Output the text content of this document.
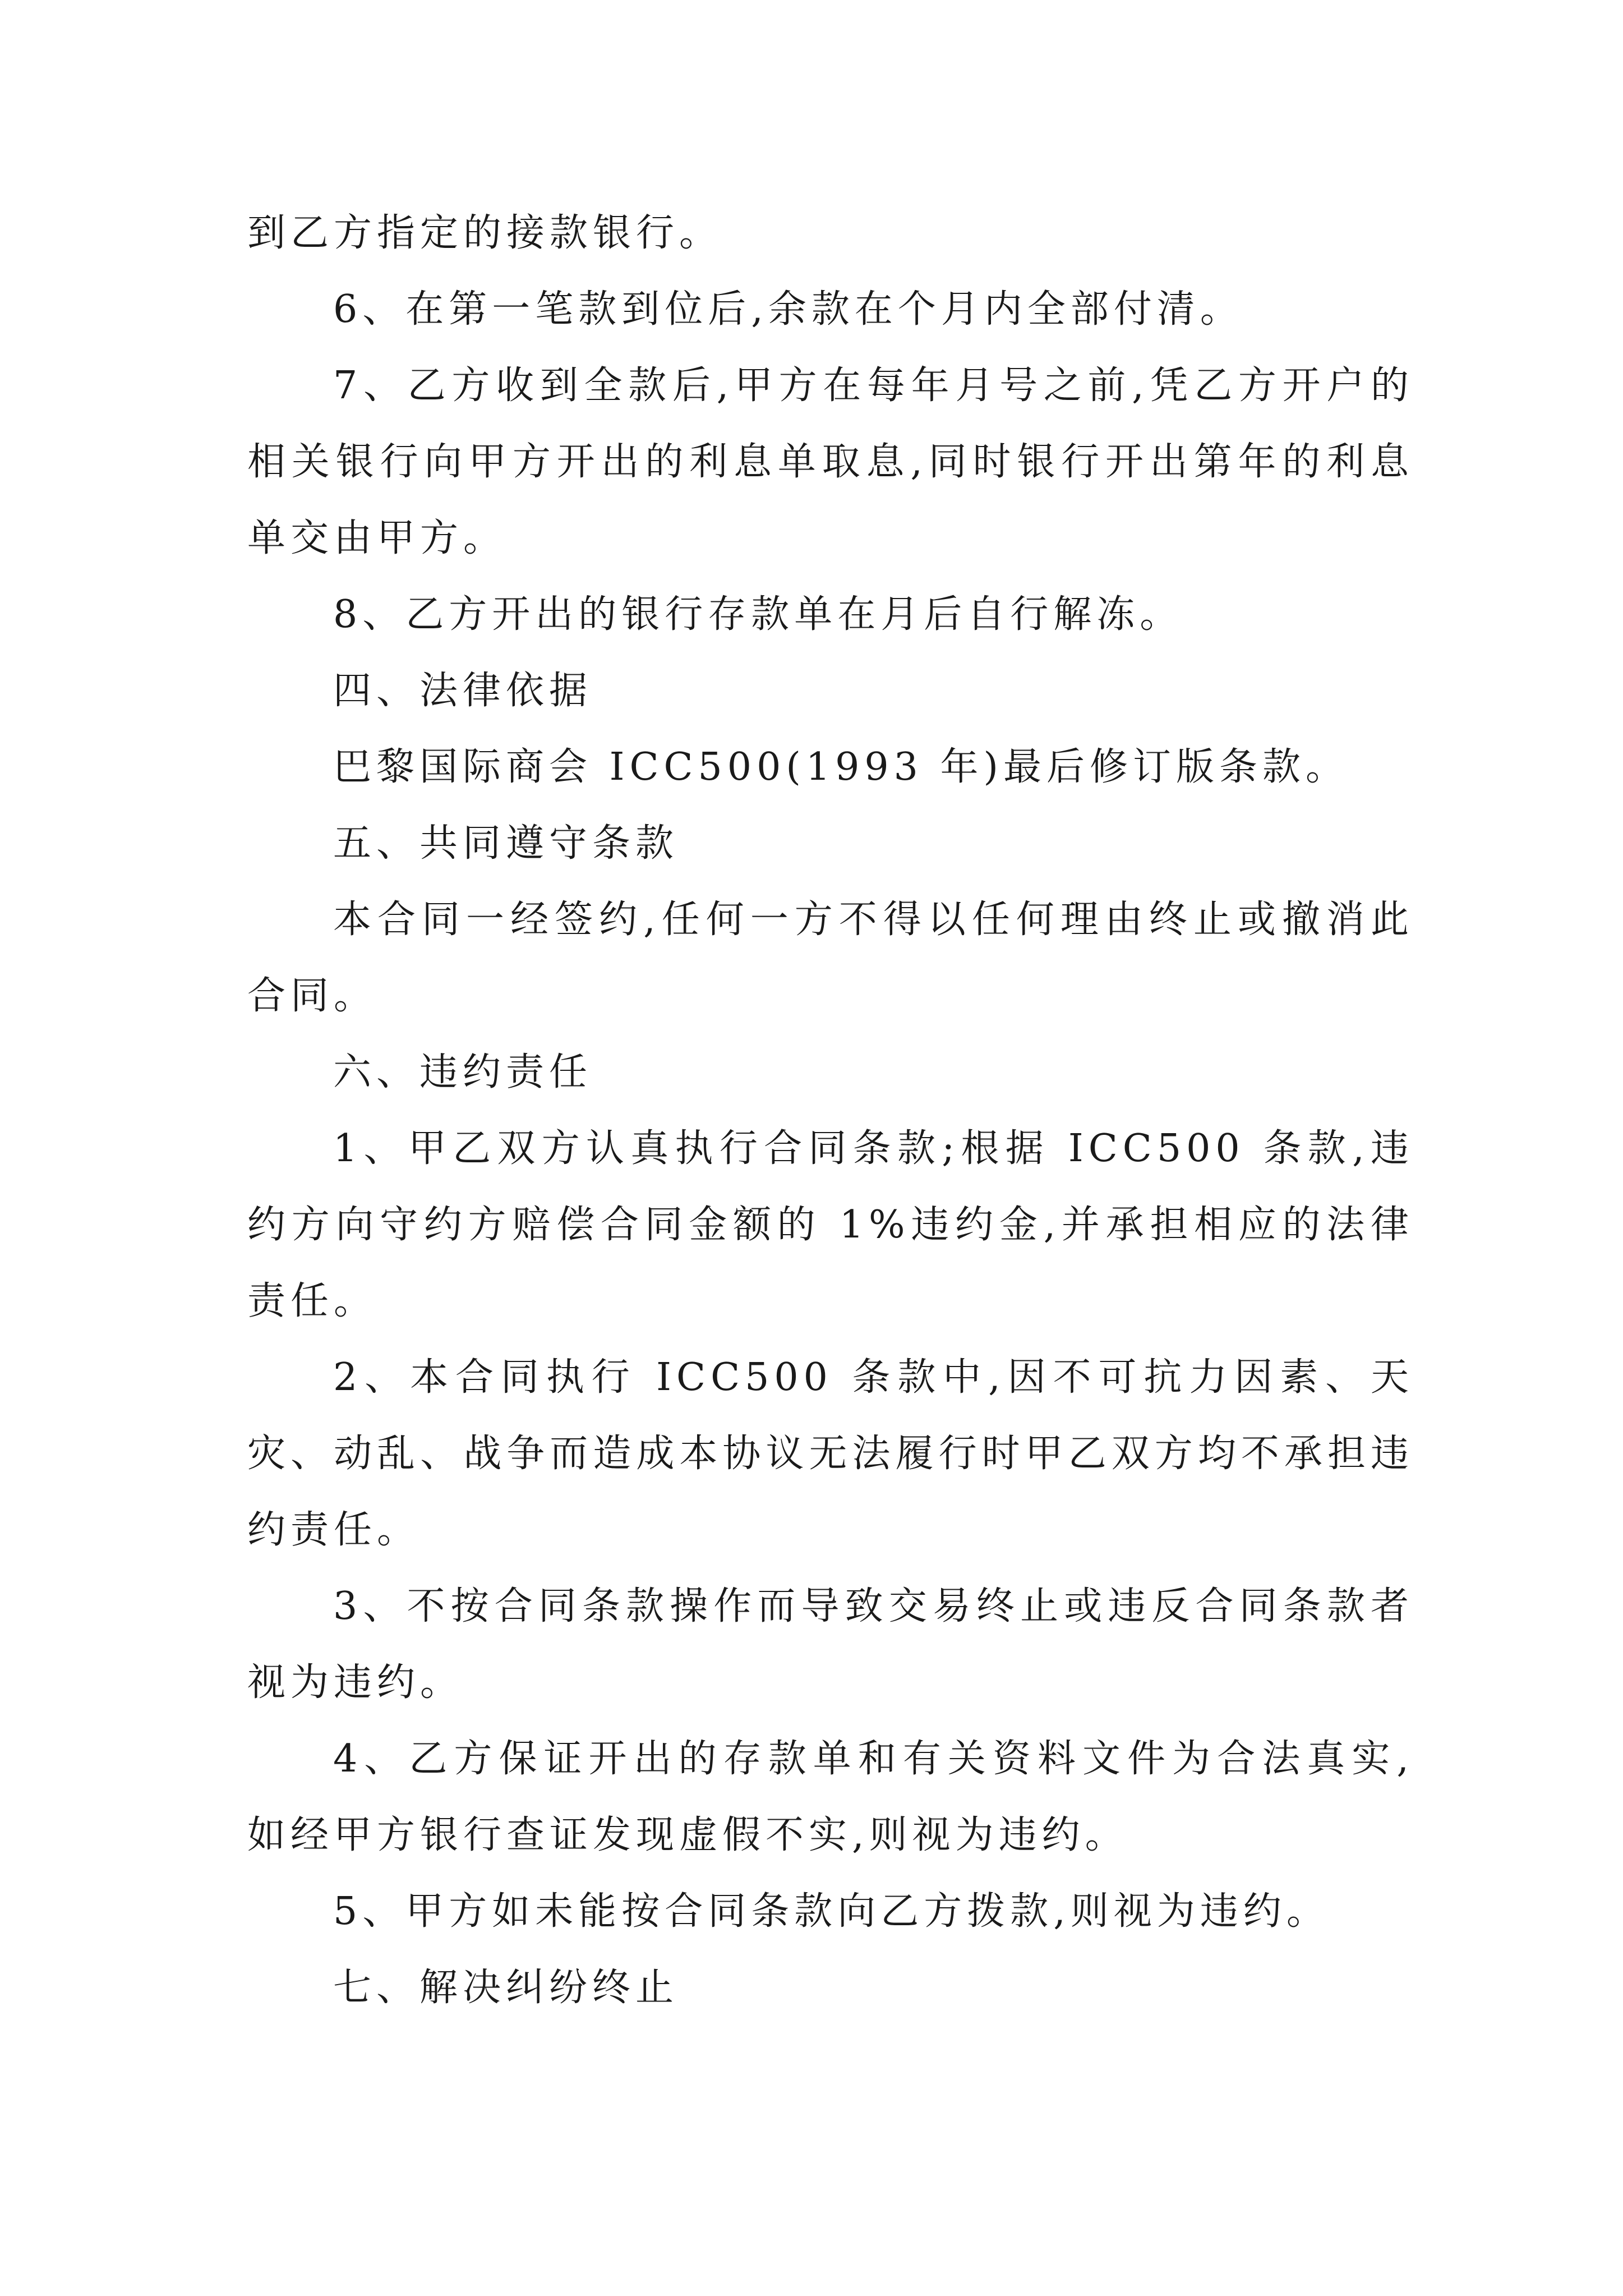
到乙方指定的接款银行。

6、在第一笔款到位后,余款在个月内全部付清。

7、乙方收到全款后,甲方在每年月号之前,凭乙方开户的相关银行向甲方开出的利息单取息,同时银行开出第年的利息单交由甲方。

8、乙方开出的银行存款单在月后自行解冻。

四、法律依据

巴黎国际商会 ICC500(1993 年)最后修订版条款。

五、共同遵守条款

本合同一经签约,任何一方不得以任何理由终止或撤消此合同。

六、违约责任

1、甲乙双方认真执行合同条款;根据 ICC500 条款,违约方向守约方赔偿合同金额的 1%违约金,并承担相应的法律责任。

2、本合同执行 ICC500 条款中,因不可抗力因素、天灾、动乱、战争而造成本协议无法履行时甲乙双方均不承担违约责任。

3、不按合同条款操作而导致交易终止或违反合同条款者视为违约。

4、乙方保证开出的存款单和有关资料文件为合法真实,如经甲方银行查证发现虚假不实,则视为违约。

5、甲方如未能按合同条款向乙方拨款,则视为违约。

七、解决纠纷终止
